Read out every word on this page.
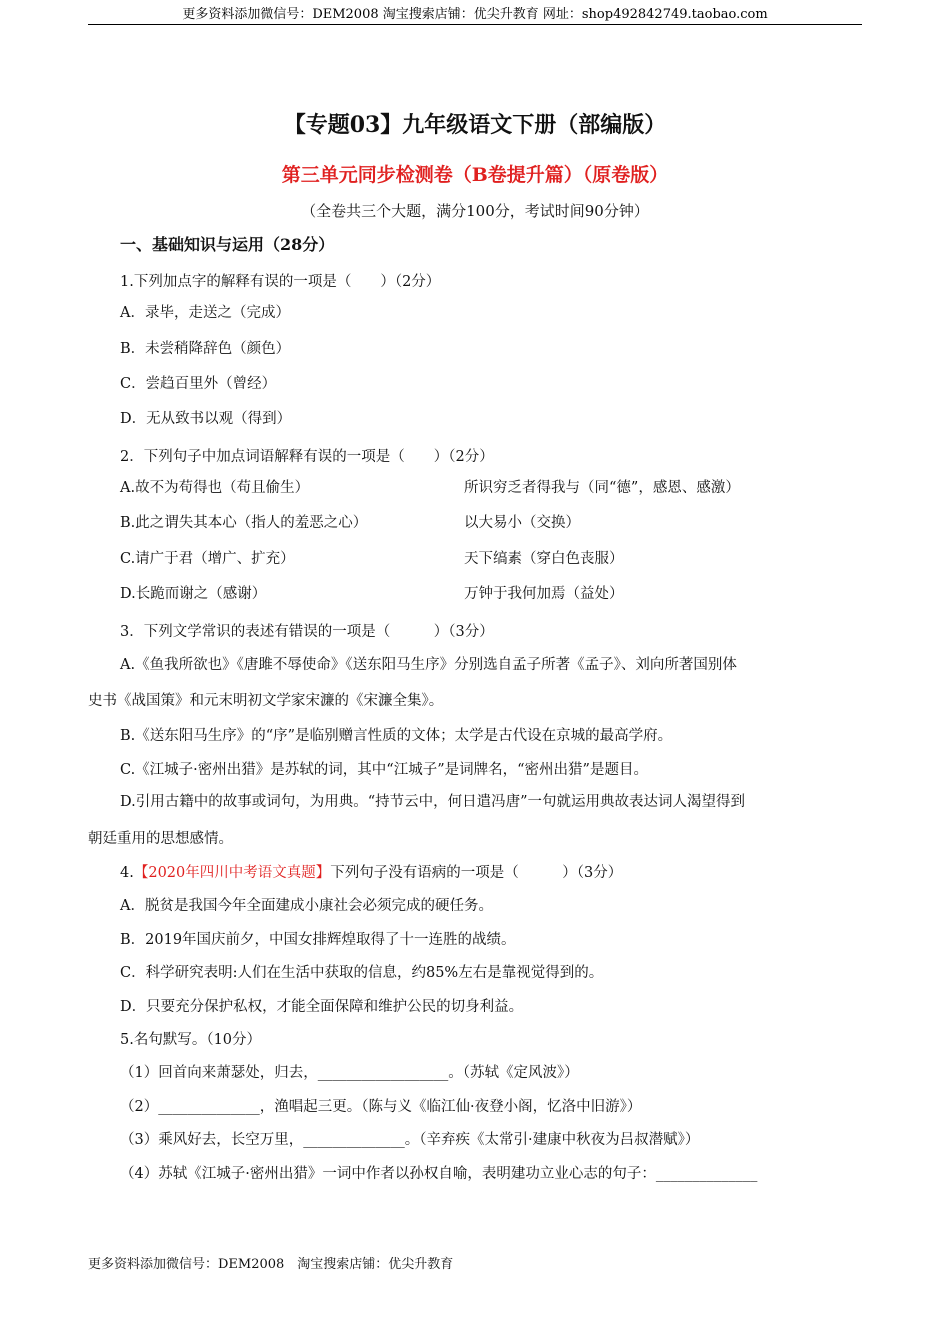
更多资料添加微信号：DEM2008 淘宝搜索店铺：优尖升教育 网址：shop492842749.taobao.com
【专题03】九年级语文下册（部编版）
第三单元同步检测卷（B卷提升篇）（原卷版）
（全卷共三个大题，满分100分，考试时间90分钟）
一、基础知识与运用（28分）
1.下列加点字的解释有误的一项是（　　）（2分）
A．录毕，走送之（完成）
B．未尝稍降辞色（颜色）
C．尝趋百里外（曾经）
D．无从致书以观（得到）
2．下列句子中加点词语解释有误的一项是（　　）（2分）
A.故不为苟得也（苟且偷生）	所识穷乏者得我与（同“德”，感恩、感激）
B.此之谓失其本心（指人的羞恶之心）	以大易小（交换）
C.请广于君（增广、扩充）	天下缟素（穿白色丧服）
D.长跪而谢之（感谢）	万钟于我何加焉（益处）
3．下列文学常识的表述有错误的一项是（　　　）（3分）
A.《鱼我所欲也》《唐雎不辱使命》《送东阳马生序》分别选自孟子所著《孟子》、刘向所著国别体
史书《战国策》和元末明初文学家宋濂的《宋濂全集》。
B.《送东阳马生序》的“序”是临别赠言性质的文体；太学是古代设在京城的最高学府。
C.《江城子·密州出猎》是苏轼的词，其中“江城子”是词牌名，“密州出猎”是题目。
D.引用古籍中的故事或词句，为用典。“持节云中，何日遣冯唐”一句就运用典故表达词人渴望得到
朝廷重用的思想感情。
4.【2020年四川中考语文真题】下列句子没有语病的一项是（　　　）（3分）
A．脱贫是我国今年全面建成小康社会必须完成的硬任务。
B．2019年国庆前夕，中国女排辉煌取得了十一连胜的战绩。
C．科学研究表明:人们在生活中获取的信息，约85%左右是靠视觉得到的。
D．只要充分保护私权，才能全面保障和维护公民的切身利益。
5.名句默写。（10分）
（1）回首向来萧瑟处，归去，__________________。（苏轼《定风波》）
（2）______________，渔唱起三更。（陈与义《临江仙·夜登小阁，忆洛中旧游》）
（3）乘风好去，长空万里，______________。（辛弃疾《太常引·建康中秋夜为吕叔潜赋》）
（4）苏轼《江城子·密州出猎》一词中作者以孙权自喻，表明建功立业心志的句子：______________
更多资料添加微信号：DEM2008　淘宝搜索店铺：优尖升教育
